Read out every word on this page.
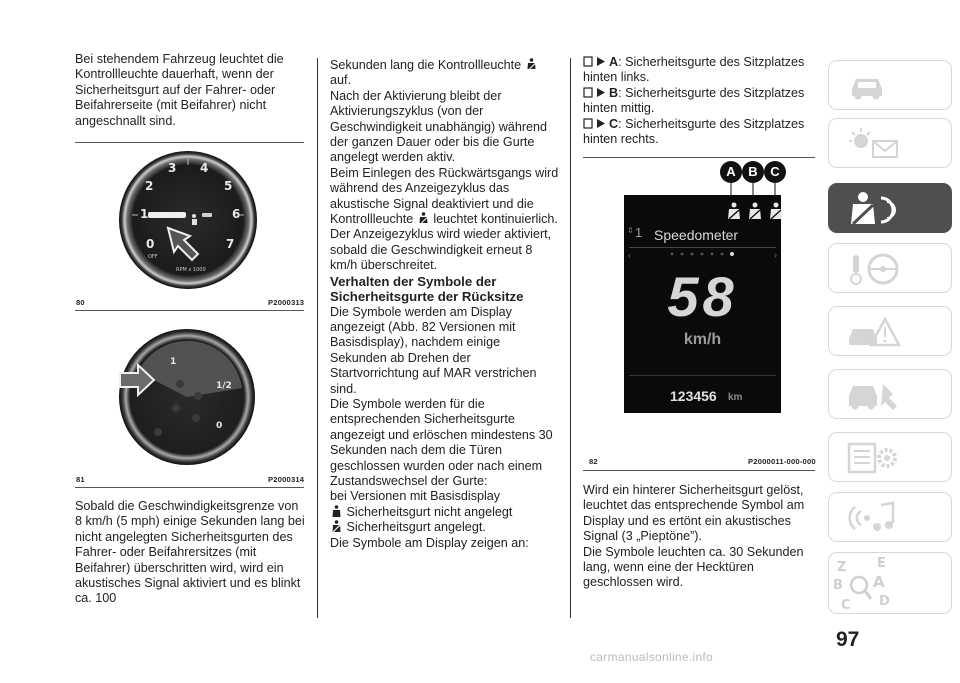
Bei stehendem Fahrzeug leuchtet die Kontrollleuchte dauerhaft, wenn der Sicherheitsgurt auf der Fahrer- oder Beifahrerseite (mit Beifahrer) nicht angeschnallt sind.

0
1
2
3 4
5
6
7
OFF
RPM x 1000
80	P2000313
1
1/2
0
81	P2000314

Sobald die Geschwindigkeitsgrenze von 8 km/h (5 mph) einige Sekunden lang bei nicht angelegten Sicherheitsgurten des Fahrer- oder Beifahrersitzes (mit Beifahrer) überschritten wird, wird ein akustisches Signal aktiviert und es blinkt ca. 100

Sekunden lang die Kontrollleuchte  auf.

Nach der Aktivierung bleibt der Aktivierungszyklus (von der Geschwindigkeit unabhängig) während der ganzen Dauer oder bis die Gurte angelegt werden aktiv.

Beim Einlegen des Rückwärtsgangs wird während des Anzeigezyklus das akustische Signal deaktiviert und die Kontrollleuchte leuchtet kontinuierlich. Der Anzeigezyklus wird wieder aktiviert, sobald die Geschwindigkeit erneut 8 km/h überschreitet.

Verhalten der Symbole der Sicherheitsgurte der Rücksitze

Die Symbole werden am Display angezeigt (Abb. 82 Versionen mit Basisdisplay), nachdem einige Sekunden ab Drehen der Startvorrichtung auf MAR verstrichen sind.

Die Symbole werden für die entsprechenden Sicherheitsgurte angezeigt und erlöschen mindestens 30 Sekunden nach dem die Türen geschlossen wurden oder nach einem Zustandswechsel der Gurte:

bei Versionen mit Basisdisplay

Sicherheitsgurt nicht angelegt

Sicherheitsgurt angelegt.

Die Symbole am Display zeigen an:

A: Sicherheitsgurte des Sitzplatzes hinten links.

B: Sicherheitsgurte des Sitzplatzes hinten mittig.

C: Sicherheitsgurte des Sitzplatzes hinten rechts.

A B C
⇕ 1 Speedometer
‹	›
58
km/h
123456 km
82	P2000011-000-000

Wird ein hinterer Sicherheitsgurt gelöst, leuchtet das entsprechende Symbol am Display und es ertönt ein akustisches Signal (3 „Pieptöne”).

Die Symbole leuchten ca. 30 Sekunden lang, wenn eine der Hecktüren geschlossen wird.

Z E
B A
C D
97
carmanualsonline.info
